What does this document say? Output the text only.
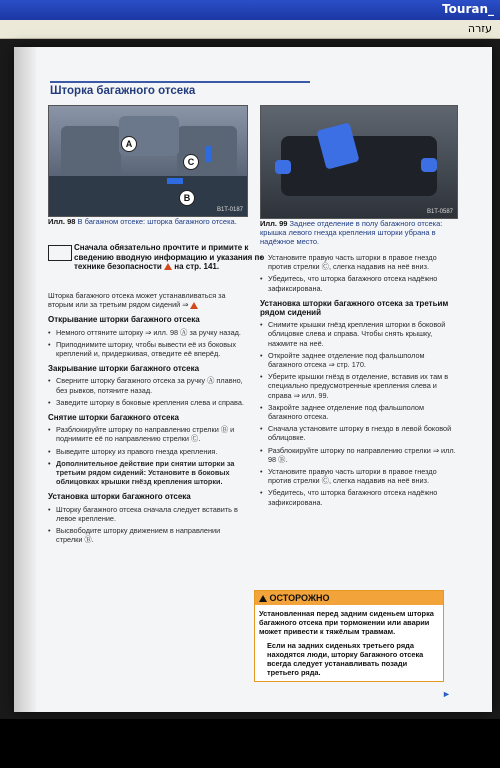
Touran_
עזרה
Шторка багажного отсека
A
B
C
B1T-0187	B1T-0587
Илл. 98 В багажном отсеке: шторка багажного отсека.	Илл. 99 Заднее отделение в полу багажного отсека: крышка левого гнезда крепления шторки убрана в надёжное место.
Сначала обязательно прочтите и примите к сведению вводную информацию и указания по технике безопасности на стр. 141.

Шторка багажного отсека может устанавливаться за вторым или за третьим рядом сидений ⇒

Открывание шторки багажного отсека
• Немного оттяните шторку ⇒ илл. 98 Ⓐ за ручку назад.
• Приподнимите шторку, чтобы вывести её из боковых креплений и, придерживая, отведите её вперёд.
Закрывание шторки багажного отсека
• Сверните шторку багажного отсека за ручку Ⓐ плавно, без рывков, потяните назад.
• Заведите шторку в боковые крепления слева и справа.
Снятие шторки багажного отсека
• Разблокируйте шторку по направлению стрелки Ⓑ и поднимите её по направлению стрелки Ⓒ.
• Выведите шторку из правого гнезда крепления.
• Дополнительное действие при снятии шторки за третьим рядом сидений: Установите в боковых облицовках крышки гнёзд крепления шторки.
Установка шторки багажного отсека
• Шторку багажного отсека сначала следует вставить в левое крепление.
• Высвободите шторку движением в направлении стрелки Ⓑ.
• Установите правую часть шторки в правое гнездо против стрелки Ⓒ, слегка надавив на неё вниз.
• Убедитесь, что шторка багажного отсека надёжно зафиксирована.
Установка шторки багажного отсека за третьим рядом сидений
• Снимите крышки гнёзд крепления шторки в боковой облицовке слева и справа. Чтобы снять крышку, нажмите на неё.
• Откройте заднее отделение под фальшполом багажного отсека ⇒ стр. 170.
• Уберите крышки гнёзд в отделение, вставив их там в специально предусмотренные крепления слева и справа ⇒ илл. 99.
• Закройте заднее отделение под фальшполом багажного отсека.
• Сначала установите шторку в гнездо в левой боковой облицовке.
• Разблокируйте шторку по направлению стрелки ⇒ илл. 98 Ⓑ.
• Установите правую часть шторки в правое гнездо против стрелки Ⓒ, слегка надавив на неё вниз.
• Убедитесь, что шторка багажного отсека надёжно зафиксирована.
ОСТОРОЖНО
Установленная перед задним сиденьем шторка багажного отсека при торможении или аварии может привести к тяжёлым травмам.
Если на задних сиденьях третьего ряда находятся люди, шторку багажного отсека всегда следует устанавливать позади третьего ряда.
►
